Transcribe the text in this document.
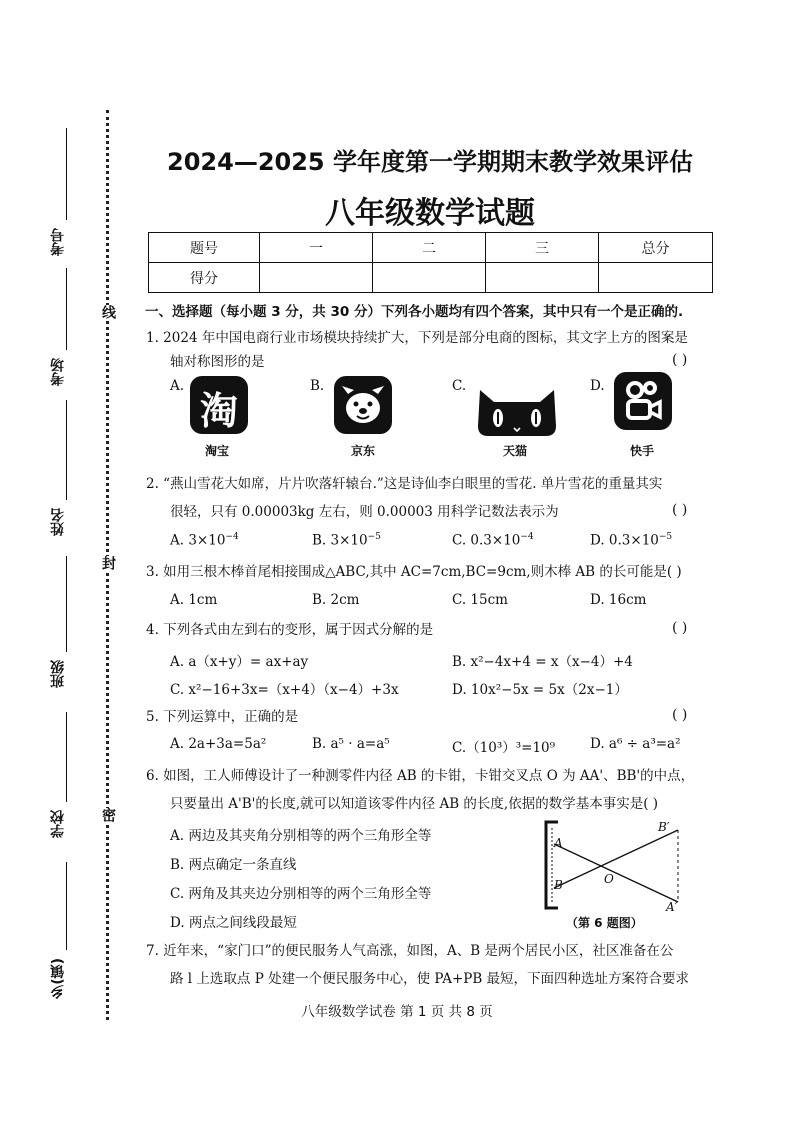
考号
考场
姓名
班级
学校
乡(镇)
线
封
密
2024—2025 学年度第一学期期末教学效果评估
八年级数学试题
题号	一	二	三	总分
得分				
一、选择题（每小题 3 分，共 30 分）下列各小题均有四个答案，其中只有一个是正确的.
1. 2024 年中国电商行业市场模块持续扩大，下列是部分电商的图标，其文字上方的图案是
轴对称图形的是	( )
A.
淘
淘宝
B.
京东
C.
天猫
D.
快手
2. “燕山雪花大如席，片片吹落轩辕台.”这是诗仙李白眼里的雪花. 单片雪花的重量其实
很轻，只有 0.00003kg 左右，则 0.00003 用科学记数法表示为	( )
A. $3\times 10^{-4}$	B. $3\times 10^{-5}$	C. $0.3\times 10^{-4}$	D. $0.3\times 10^{-5}$
3. 如用三根木棒首尾相接围成△ABC,其中 AC=7cm,BC=9cm,则木棒 AB 的长可能是( )
A. 1cm	B. 2cm	C. 15cm	D. 16cm
4. 下列各式由左到右的变形，属于因式分解的是	( )
A. a（x+y）= ax+ay	B. x²−4x+4 = x（x−4）+4
C. x²−16+3x=（x+4）（x−4）+3x	D. 10x²−5x = 5x（2x−1）
5. 下列运算中，正确的是	( )
A. 2a+3a=5a²	B. a⁵ · a=a⁵	C.（10³）³=10⁹	D. a⁶ ÷ a³=a²
6. 如图，工人师傅设计了一种测零件内径 AB 的卡钳，卡钳交叉点 O 为 AA'、BB'的中点，
只要量出 A'B'的长度,就可以知道该零件内径 AB 的长度,依据的数学基本事实是( )
A. 两边及其夹角分别相等的两个三角形全等
B. 两点确定一条直线
C. 两角及其夹边分别相等的两个三角形全等
D. 两点之间线段最短
A
B	O
B′
A′
（第 6 题图）
7. 近年来，“家门口”的便民服务人气高涨，如图，A、B 是两个居民小区，社区准备在公
路 l 上选取点 P 处建一个便民服务中心，使 PA+PB 最短，下面四种选址方案符合要求
八年级数学试卷 第 1 页 共 8 页
